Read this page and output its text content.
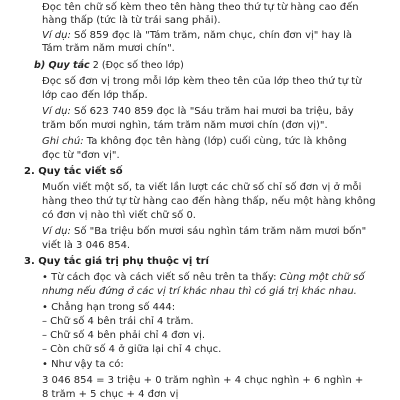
Đọc tên chữ số kèm theo tên hàng theo thứ tự từ hàng cao đến
hàng thấp (tức là từ trái sang phải).
Ví dụ: Số 859 đọc là "Tám trăm, năm chục, chín đơn vị" hay là
Tám trăm năm mươi chín".
b) Quy tắc 2 (Đọc số theo lớp)
Đọc số đơn vị trong mỗi lớp kèm theo tên của lớp theo thứ tự từ
lớp cao đến lớp thấp.
Ví dụ: Số 623 740 859 đọc là "Sáu trăm hai mươi ba triệu, bảy
trăm bốn mươi nghìn, tám trăm năm mươi chín (đơn vị)".
Ghi chú: Ta không đọc tên hàng (lớp) cuối cùng, tức là không
đọc từ "đơn vị".
2. Quy tắc viết số
Muốn viết một số, ta viết lần lượt các chữ số chỉ số đơn vị ở mỗi
hàng theo thứ tự từ hàng cao đến hàng thấp, nếu một hàng không
có đơn vị nào thì viết chữ số 0.
Ví dụ: Số "Ba triệu bốn mươi sáu nghìn tám trăm năm mươi bốn"
viết là 3 046 854.
3. Quy tắc giá trị phụ thuộc vị trí
• Từ cách đọc và cách viết số nêu trên ta thấy: Cùng một chữ số
nhưng nếu đứng ở các vị trí khác nhau thì có giá trị khác nhau.
• Chẳng hạn trong số 444:
– Chữ số 4 bên trái chỉ 4 trăm.
– Chữ số 4 bên phải chỉ 4 đơn vị.
– Còn chữ số 4 ở giữa lại chỉ 4 chục.
• Như vậy ta có:
3 046 854 = 3 triệu + 0 trăm nghìn + 4 chục nghìn + 6 nghìn +
8 trăm + 5 chục + 4 đơn vị
